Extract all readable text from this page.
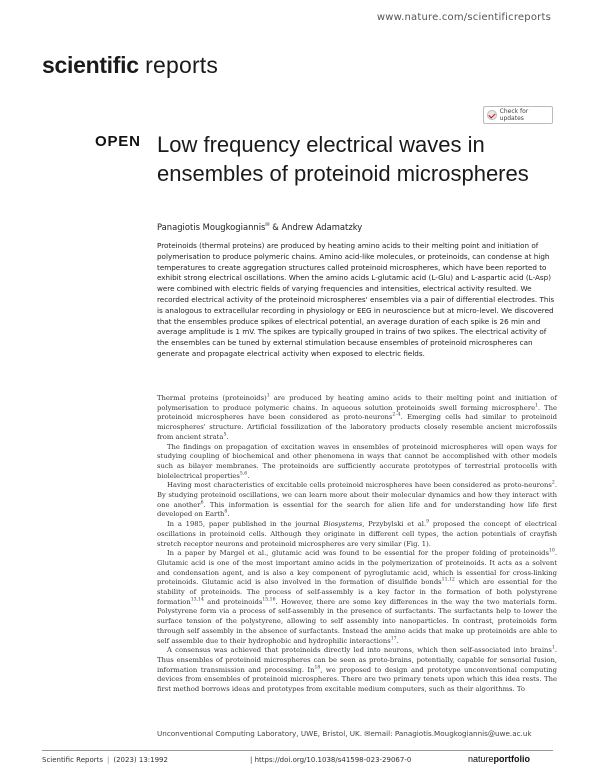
www.nature.com/scientificreports
scientific reports
Check for updates
OPEN Low frequency electrical waves in ensembles of proteinoid microspheres
Panagiotis Mougkogiannis✉ & Andrew Adamatzky

Proteinoids (thermal proteins) are produced by heating amino acids to their melting point and initiation of polymerisation to produce polymeric chains. Amino acid-like molecules, or proteinoids, can condense at high temperatures to create aggregation structures called proteinoid microspheres, which have been reported to exhibit strong electrical oscillations. When the amino acids L-glutamic acid (L-Glu) and L-aspartic acid (L-Asp) were combined with electric fields of varying frequencies and intensities, electrical activity resulted. We recorded electrical activity of the proteinoid microspheres' ensembles via a pair of differential electrodes. This is analogous to extracellular recording in physiology or EEG in neuroscience but at micro-level. We discovered that the ensembles produce spikes of electrical potential, an average duration of each spike is 26 min and average amplitude is 1 mV. The spikes are typically grouped in trains of two spikes. The electrical activity of the ensembles can be tuned by external stimulation because ensembles of proteinoid microspheres can generate and propagate electrical activity when exposed to electric fields.

Thermal proteins (proteinoids)$^1$ are produced by heating amino acids to their melting point and initiation of polymerisation to produce polymeric chains. In aqueous solution proteinoids swell forming microsphere$^1$. The proteinoid microspheres have been considered as proto-neurons$^{2-4}$. Emerging cells had similar to proteinoid microspheres' structure. Artificial fossilization of the laboratory products closely resemble ancient microfossils from ancient strata$^5$.

The findings on propagation of excitation waves in ensembles of proteinoid microspheres will open ways for studying coupling of biochemical and other phenomena in ways that cannot be accomplished with other models such as bilayer membranes. The proteinoids are sufficiently accurate prototypes of terrestrial protocells with biolelectrical properties$^{5,6}$.

Having most characteristics of excitable cells proteinoid microspheres have been considered as proto-neurons$^2$. By studying proteinoid oscillations, we can learn more about their molecular dynamics and how they interact with one another$^6$. This information is essential for the search for alien life and for understanding how life first developed on Earth$^8$.

In a 1985, paper published in the journal Biosystems, Przybylski et al.$^9$ proposed the concept of electrical oscillations in proteinoid cells. Although they originate in different cell types, the action potentials of crayfish stretch receptor neurons and proteinoid microspheres are very similar (Fig. 1).

In a paper by Margel et al., glutamic acid was found to be essential for the proper folding of proteinoids$^{10}$. Glutamic acid is one of the most important amino acids in the polymerization of proteinoids. It acts as a solvent and condensation agent, and is also a key component of pyroglutamic acid, which is essential for cross-linking proteinoids. Glutamic acid is also involved in the formation of disulfide bonds$^{11,12}$ which are essential for the stability of proteinoids. The process of self-assembly is a key factor in the formation of both polystyrene formation$^{13,14}$ and proteinoids$^{15,16}$. However, there are some key differences in the way the two materials form. Polystyrene form via a process of self-assembly in the presence of surfactants. The surfactants help to lower the surface tension of the polystyrene, allowing to self assembly into nanoparticles. In contrast, proteinoids form through self assembly in the absence of surfactants. Instead the amino acids that make up proteinoids are able to self assemble due to their hydrophobic and hydrophilic interactions$^{17}$.

A consensus was achieved that proteinoids directly led into neurons, which then self-associated into brains$^1$. Thus ensembles of proteinoid microspheres can be seen as proto-brains, potentially, capable for sensorial fusion, information transmission and processing. In$^{18}$, we proposed to design and prototype unconventional computing devices from ensembles of proteinoid microspheres. There are two primary tenets upon which this idea rests. The first method borrows ideas and prototypes from excitable medium computers, such as their algorithms. To

Unconventional Computing Laboratory, UWE, Bristol, UK. ✉email: Panagiotis.Mougkogiannis@uwe.ac.uk
Scientific Reports | (2023) 13:1992	| https://doi.org/10.1038/s41598-023-29067-0	natureportfolio
